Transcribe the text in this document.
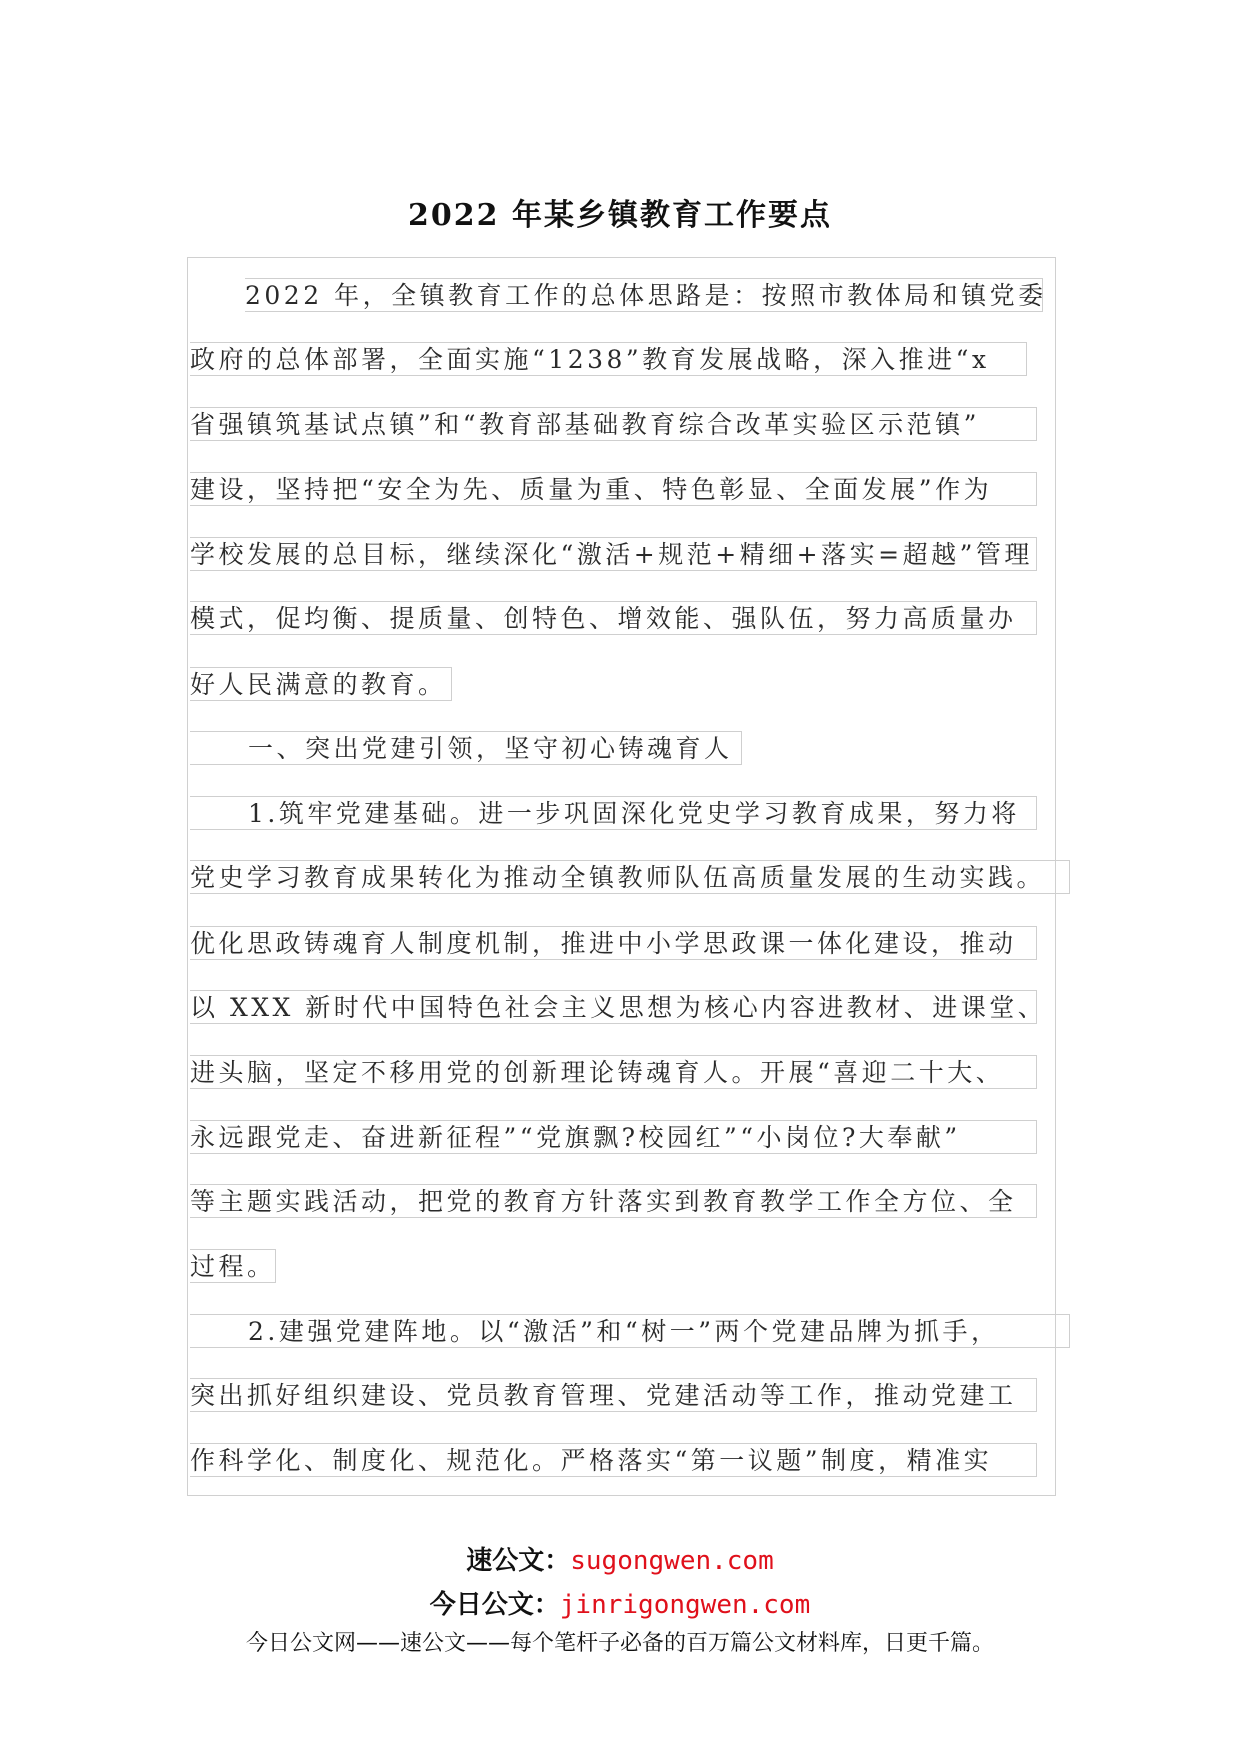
2022 年某乡镇教育工作要点
2022 年，全镇教育工作的总体思路是：按照市教体局和镇党委
政府的总体部署，全面实施“1238”教育发展战略，深入推进“x
省强镇筑基试点镇”和“教育部基础教育综合改革实验区示范镇”
建设，坚持把“安全为先、质量为重、特色彰显、全面发展”作为
学校发展的总目标，继续深化“激活+规范+精细+落实=超越”管理
模式，促均衡、提质量、创特色、增效能、强队伍，努力高质量办
好人民满意的教育。
一、突出党建引领，坚守初心铸魂育人
1.筑牢党建基础。进一步巩固深化党史学习教育成果，努力将
党史学习教育成果转化为推动全镇教师队伍高质量发展的生动实践。
优化思政铸魂育人制度机制，推进中小学思政课一体化建设，推动
以 XXX 新时代中国特色社会主义思想为核心内容进教材、进课堂、
进头脑，坚定不移用党的创新理论铸魂育人。开展“喜迎二十大、
永远跟党走、奋进新征程”“党旗飘?校园红”“小岗位?大奉献”
等主题实践活动，把党的教育方针落实到教育教学工作全方位、全
过程。
2.建强党建阵地。以“激活”和“树一”两个党建品牌为抓手，
突出抓好组织建设、党员教育管理、党建活动等工作，推动党建工
作科学化、制度化、规范化。严格落实“第一议题”制度，精准实
速公文：sugongwen.com
今日公文：jinrigongwen.com
今日公文网——速公文——每个笔杆子必备的百万篇公文材料库，日更千篇。
